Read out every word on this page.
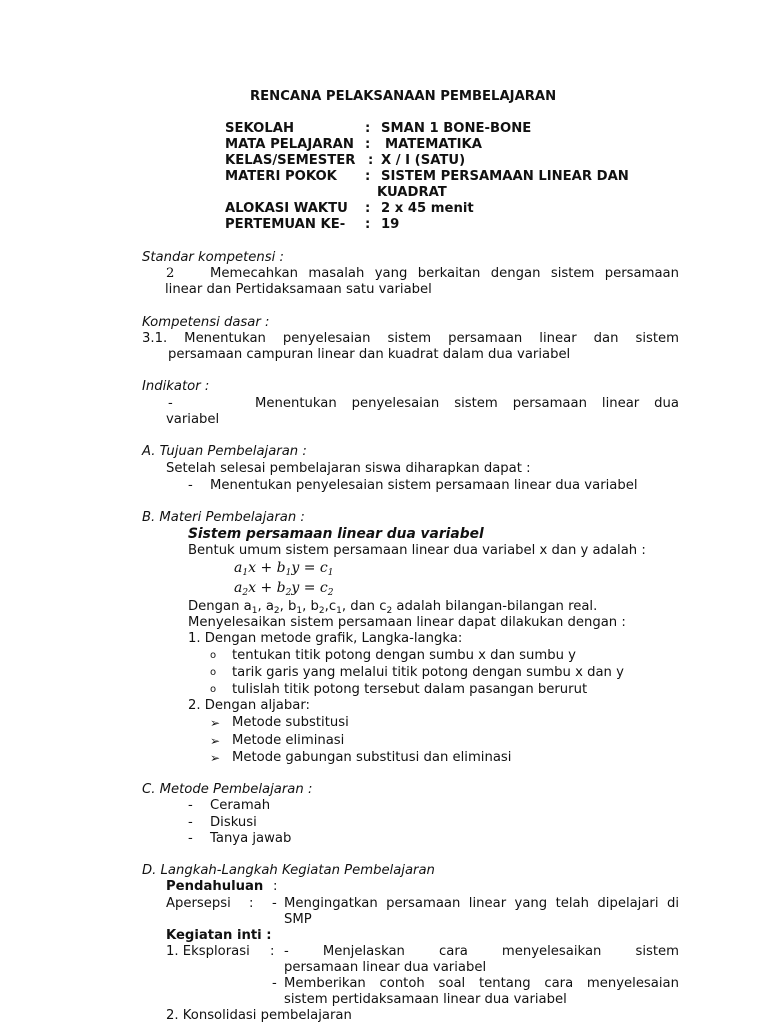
RENCANA PELAKSANAAN PEMBELAJARAN
SEKOLAH	: SMAN 1 BONE-BONE
MATA PELAJARAN : MATEMATIKA
KELAS/SEMESTER : X / I (SATU)
MATERI POKOK : SISTEM PERSAMAAN LINEAR DAN
KUADRAT
ALOKASI WAKTU : 2 x 45 menit
PERTEMUAN KE- : 19
Standar kompetensi :
2	Memecahkan masalah yang berkaitan dengan sistem persamaan
linear dan Pertidaksamaan satu variabel
Kompetensi dasar :
3.1. Menentukan penyelesaian sistem persamaan linear dan sistem
persamaan campuran linear dan kuadrat dalam dua variabel
Indikator :
-	Menentukan penyelesaian sistem persamaan linear dua
variabel
A. Tujuan Pembelajaran :
Setelah selesai pembelajaran siswa diharapkan dapat :
- Menentukan penyelesaian sistem persamaan linear dua variabel
B. Materi Pembelajaran :
Sistem persamaan linear dua variabel
Bentuk umum sistem persamaan linear dua variabel x dan y adalah :
$a_1x + b_1y = c_1$
$a_2x + b_2y = c_2$
Dengan $a_1$, $a_2$, $b_1$, $b_2,c_1$, dan $c_2$ adalah bilangan-bilangan real.
Menyelesaikan sistem persamaan linear dapat dilakukan dengan :
1. Dengan metode grafik, Langka-langka:
o tentukan titik potong dengan sumbu x dan sumbu y
o tarik garis yang melalui titik potong dengan sumbu x dan y
o tulislah titik potong tersebut dalam pasangan berurut
2. Dengan aljabar:
➢ Metode substitusi
➢ Metode eliminasi
➢ Metode gabungan substitusi dan eliminasi
C. Metode Pembelajaran :
- Ceramah
- Diskusi
- Tanya jawab
D. Langkah-Langkah Kegiatan Pembelajaran
Pendahuluan :
Apersepsi : - Mengingatkan persamaan linear yang telah dipelajari di
SMP
Kegiatan inti :
1. Eksplorasi : - Menjelaskan cara menyelesaikan sistem
persamaan linear dua variabel
- Memberikan contoh soal tentang cara menyelesaian
sistem pertidaksamaan linear dua variabel
2. Konsolidasi pembelajaran
